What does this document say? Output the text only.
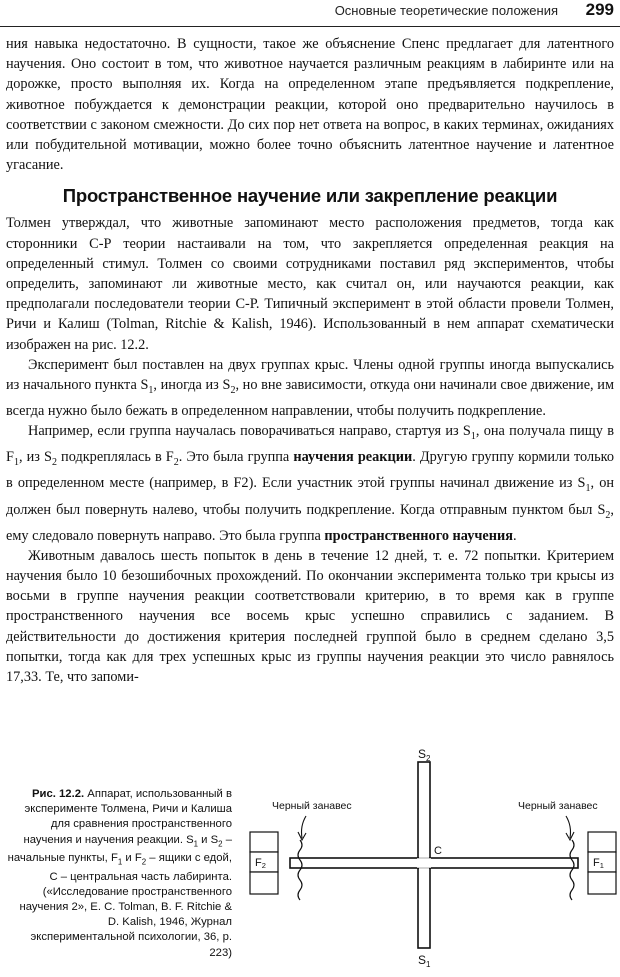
Основные теоретические положения 299

ния навыка недостаточно. В сущности, такое же объяснение Спенс предлагает для латентного научения. Оно состоит в том, что животное научается различным реакциям в лабиринте или на дорожке, просто выполняя их. Когда на определенном этапе предъявляется подкрепление, животное побуждается к демонстрации реакции, которой оно предварительно научилось в соответствии с законом смежности. До сих пор нет ответа на вопрос, в каких терминах, ожиданиях или побудительной мотивации, можно более точно объяснить латентное научение и латентное угасание.

Пространственное научение или закрепление реакции

Толмен утверждал, что животные запоминают место расположения предметов, тогда как сторонники С-Р теории настаивали на том, что закрепляется определенная реакция на определенный стимул. Толмен со своими сотрудниками поставил ряд экспериментов, чтобы определить, запоминают ли животные место, как считал он, или научаются реакции, как предполагали последователи теории С-Р. Типичный эксперимент в этой области провели Толмен, Ричи и Калиш (Tolman, Ritchie & Kalish, 1946). Использованный в нем аппарат схематически изображен на рис. 12.2.

Эксперимент был поставлен на двух группах крыс. Члены одной группы иногда выпускались из начального пункта $S_1$, иногда из $S_2$, но вне зависимости, откуда они начинали свое движение, им всегда нужно было бежать в определенном направлении, чтобы получить подкрепление.

Например, если группа научалась поворачиваться направо, стартуя из $S_1$, она получала пищу в $F_1$, из $S_2$ подкреплялась в $F_2$. Это была группа научения реакции. Другую группу кормили только в определенном месте (например, в F2). Если участник этой группы начинал движение из $S_1$, он должен был повернуть налево, чтобы получить подкрепление. Когда отправным пунктом был $S_2$, ему следовало повернуть направо. Это была группа пространственного научения.

Животным давалось шесть попыток в день в течение 12 дней, т. е. 72 попытки. Критерием научения было 10 безошибочных прохождений. По окончании эксперимента только три крысы из восьми в группе научения реакции соответствовали критерию, в то время как в группе пространственного научения все восемь крыс успешно справились с заданием. В действительности до достижения критерия последней группой было в среднем сделано 3,5 попытки, тогда как для трех успешных крыс из группы научения реакции это число равнялось 17,33. Те, что запоми-

Рис. 12.2. Аппарат, использованный в эксперименте Толмена, Ричи и Калиша для сравнения пространственного научения и научения реакции. $S_1$ и $S_2$ – начальные пункты, $F_1$ и $F_2$ – ящики с едой, С – центральная часть лабиринта. («Исследование пространственного научения 2», E. C. Tolman, B. F. Ritchie & D. Kalish, 1946, Журнал экспериментальной психологии, 36, p. 223)
Черный занавес	Черный занавес
$S_2$
$S_1$
C
F2	F1
